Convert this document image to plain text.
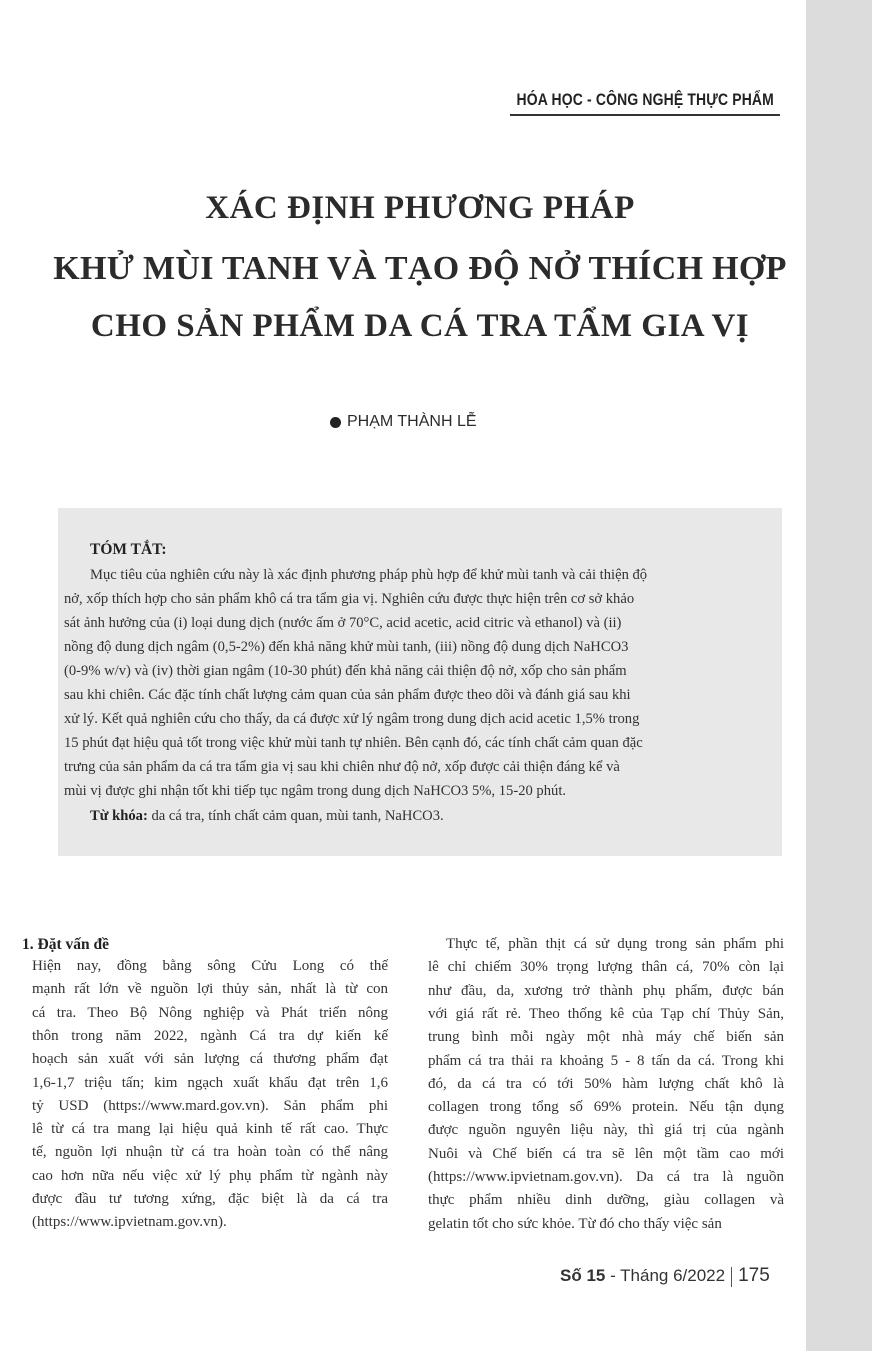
HÓA HỌC - CÔNG NGHỆ THỰC PHẨM
XÁC ĐỊNH PHƯƠNG PHÁP
KHỬ MÙI TANH VÀ TẠO ĐỘ NỞ THÍCH HỢP
CHO SẢN PHẨM DA CÁ TRA TẨM GIA VỊ
PHẠM THÀNH LỄ
TÓM TẮT:
Mục tiêu của nghiên cứu này là xác định phương pháp phù hợp để khử mùi tanh và cải thiện độ
nở, xốp thích hợp cho sản phẩm khô cá tra tẩm gia vị. Nghiên cứu được thực hiện trên cơ sở khảo
sát ảnh hưởng của (i) loại dung dịch (nước ấm ở 70°C, acid acetic, acid citric và ethanol) và (ii)
nồng độ dung dịch ngâm (0,5-2%) đến khả năng khử mùi tanh, (iii) nồng độ dung dịch NaHCO3
(0-9% w/v) và (iv) thời gian ngâm (10-30 phút) đến khả năng cải thiện độ nở, xốp cho sản phẩm
sau khi chiên. Các đặc tính chất lượng cảm quan của sản phẩm được theo dõi và đánh giá sau khi
xử lý. Kết quả nghiên cứu cho thấy, da cá được xử lý ngâm trong dung dịch acid acetic 1,5% trong
15 phút đạt hiệu quả tốt trong việc khử mùi tanh tự nhiên. Bên cạnh đó, các tính chất cảm quan đặc
trưng của sản phẩm da cá tra tẩm gia vị sau khi chiên như độ nở, xốp được cải thiện đáng kể và
mùi vị được ghi nhận tốt khi tiếp tục ngâm trong dung dịch NaHCO3 5%, 15-20 phút.
Từ khóa: da cá tra, tính chất cảm quan, mùi tanh, NaHCO3.
1. Đặt vấn đề
Hiện nay, đồng bằng sông Cửu Long có thế
mạnh rất lớn về nguồn lợi thủy sản, nhất là từ con
cá tra. Theo Bộ Nông nghiệp và Phát triển nông
thôn trong năm 2022, ngành Cá tra dự kiến kế
hoạch sản xuất với sản lượng cá thương phẩm đạt
1,6-1,7 triệu tấn; kim ngạch xuất khẩu đạt trên 1,6
tỷ USD (https://www.mard.gov.vn). Sản phẩm phi
lê từ cá tra mang lại hiệu quả kinh tế rất cao. Thực
tế, nguồn lợi nhuận từ cá tra hoàn toàn có thể nâng
cao hơn nữa nếu việc xử lý phụ phẩm từ ngành này
được đầu tư tương xứng, đặc biệt là da cá tra
(https://www.ipvietnam.gov.vn).
Thực tế, phần thịt cá sử dụng trong sản phẩm phi
lê chỉ chiếm 30% trọng lượng thân cá, 70% còn lại
như đầu, da, xương trở thành phụ phẩm, được bán
với giá rất rẻ. Theo thống kê của Tạp chí Thủy Sản,
trung bình mỗi ngày một nhà máy chế biến sản
phẩm cá tra thải ra khoảng 5 - 8 tấn da cá. Trong khi
đó, da cá tra có tới 50% hàm lượng chất khô là
collagen trong tổng số 69% protein. Nếu tận dụng
được nguồn nguyên liệu này, thì giá trị của ngành
Nuôi và Chế biến cá tra sẽ lên một tầm cao mới
(https://www.ipvietnam.gov.vn). Da cá tra là nguồn
thực phẩm nhiều dinh dưỡng, giàu collagen và
gelatin tốt cho sức khỏe. Từ đó cho thấy việc sản
Số 15 - Tháng 6/2022 175
